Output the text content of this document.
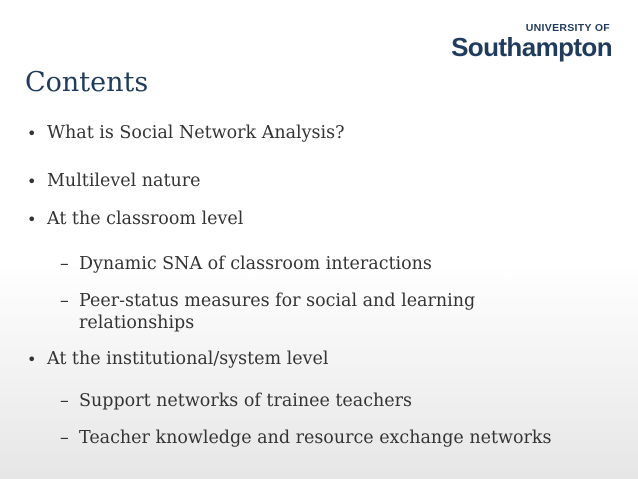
UNIVERSITY OF
Southampton
Contents
• What is Social Network Analysis?
• Multilevel nature
• At the classroom level
– Dynamic SNA of classroom interactions
– Peer-status measures for social and learning
relationships
• At the institutional/system level
– Support networks of trainee teachers
– Teacher knowledge and resource exchange networks
